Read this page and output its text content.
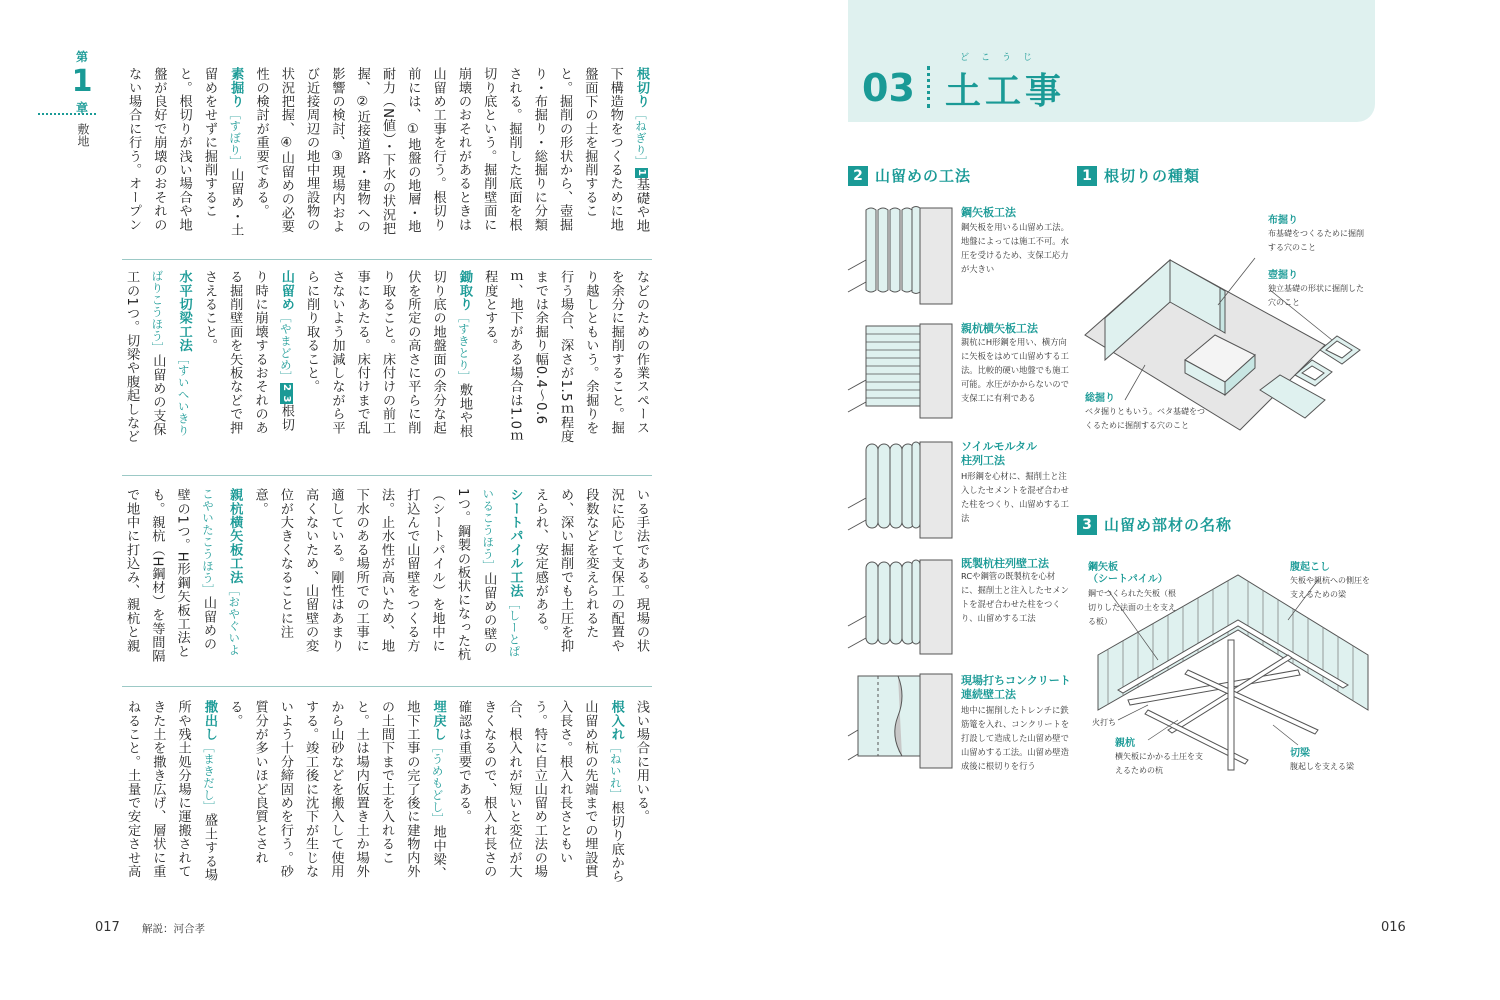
第
1
章
敷地
根切り［ねぎり］1基礎や地下構造物をつくるために地盤面下の土を掘削すること。掘削の形状から、壺掘り・布掘り・総掘りに分類される。掘削した底面を根切り底という。掘削壁面に崩壊のおそれがあるときは山留め工事を行う。根切り前には、①地盤の地層・地耐力（N値）・下水の状況把握、②近接道路・建物への影響の検討、③現場内および近接周辺の地中埋設物の状況把握、④山留めの必要性の検討が重要である。
素掘り［すぼり］山留め・土留めをせずに掘削すること。根切りが浅い場合や地盤が良好で崩壊のおそれのない場合に行う。オープン
などのための作業スペースを余分に掘削すること。掘り越しともいう。余掘りを行う場合、深さが1.5ｍ程度までは余掘り幅0.4～0.6ｍ、地下がある場合は1.0ｍ程度とする。
鋤取り［すきとり］敷地や根切り底の地盤面の余分な起伏を所定の高さに平らに削り取ること。床付けの前工事にあたる。床付けまで乱さないよう加減しながら平らに削り取ること。
山留め［やまどめ］2 3根切り時に崩壊するおそれのある掘削壁面を矢板などで押さえること。
水平切梁工法［すいへいきりばりこうほう］山留めの支保工の1つ。切梁や腹起しなど
いる手法である。現場の状況に応じて支保工の配置や段数などを変えられるため、深い掘削でも土圧を抑えられ、安定感がある。
シートパイル工法［しーとぱいるこうほう］山留めの壁の1つ。鋼製の板状になった杭（シートパイル）を地中に打込んで山留壁をつくる方法。止水性が高いため、地下水のある場所での工事に適している。剛性はあまり高くないため、山留壁の変位が大きくなることに注意。
親杭横矢板工法［おやぐいよこやいたこうほう］山留めの壁の1つ。H形鋼矢板工法とも。親杭（H鋼材）を等間隔で地中に打込み、親杭と親
浅い場合に用いる。
根入れ［ねいれ］根切り底から山留め杭の先端までの埋設貫入長さ。根入れ長さともいう。特に自立山留め工法の場合、根入れが短いと変位が大きくなるので、根入れ長さの確認は重要である。
埋戻し［うめもどし］地中梁、地下工事の完了後に建物内外の土間下まで土を入れること。土は場内仮置き土か場外から山砂などを搬入して使用する。竣工後に沈下が生じないよう十分締固めを行う。砂質分が多いほど良質とされる。
撒出し［まきだし］盛土する場所や残土処分場に運搬されてきた土を撒き広げ、層状に重ねること。土量で安定させ高
017 解説：河合孝	016
03
どこうじ
土工事
2 山留めの工法
鋼矢板工法
鋼矢板を用いる山留め工法。地盤によっては施工不可。水圧を受けるため、支保工応力が大きい
親杭横矢板工法
親杭にH形鋼を用い、横方向に矢板をはめて山留めする工法。比較的硬い地盤でも施工可能。水圧がかからないので支保工に有利である
ソイルモルタル柱列工法
H形鋼を心材に、掘削土と注入したセメントを混ぜ合わせた柱をつくり、山留めする工法
既製杭柱列壁工法
RCや鋼管の既製杭を心材に、掘削土と注入したセメントを混ぜ合わせた柱をつくり、山留めする工法
現場打ちコンクリート連続壁工法
地中に掘削したトレンチに鉄筋篭を入れ、コンクリートを打設して造成した山留め壁で山留めする工法。山留め壁造成後に根切りを行う
1 根切りの種類
布掘り
布基礎をつくるために掘削する穴のこと
壺掘り
独立基礎の形状に掘削した穴のこと
総掘り
ベタ掘りともいう。ベタ基礎をつくるために掘削する穴のこと
3 山留め部材の名称
鋼矢板
（シートパイル）
鋼でつくられた矢板（根切りした法面の土を支える板）
腹起こし
矢板や親杭への側圧を支えるための梁
火打ち
親杭
横矢板にかかる土圧を支えるための杭
切梁
腹起しを支える梁
